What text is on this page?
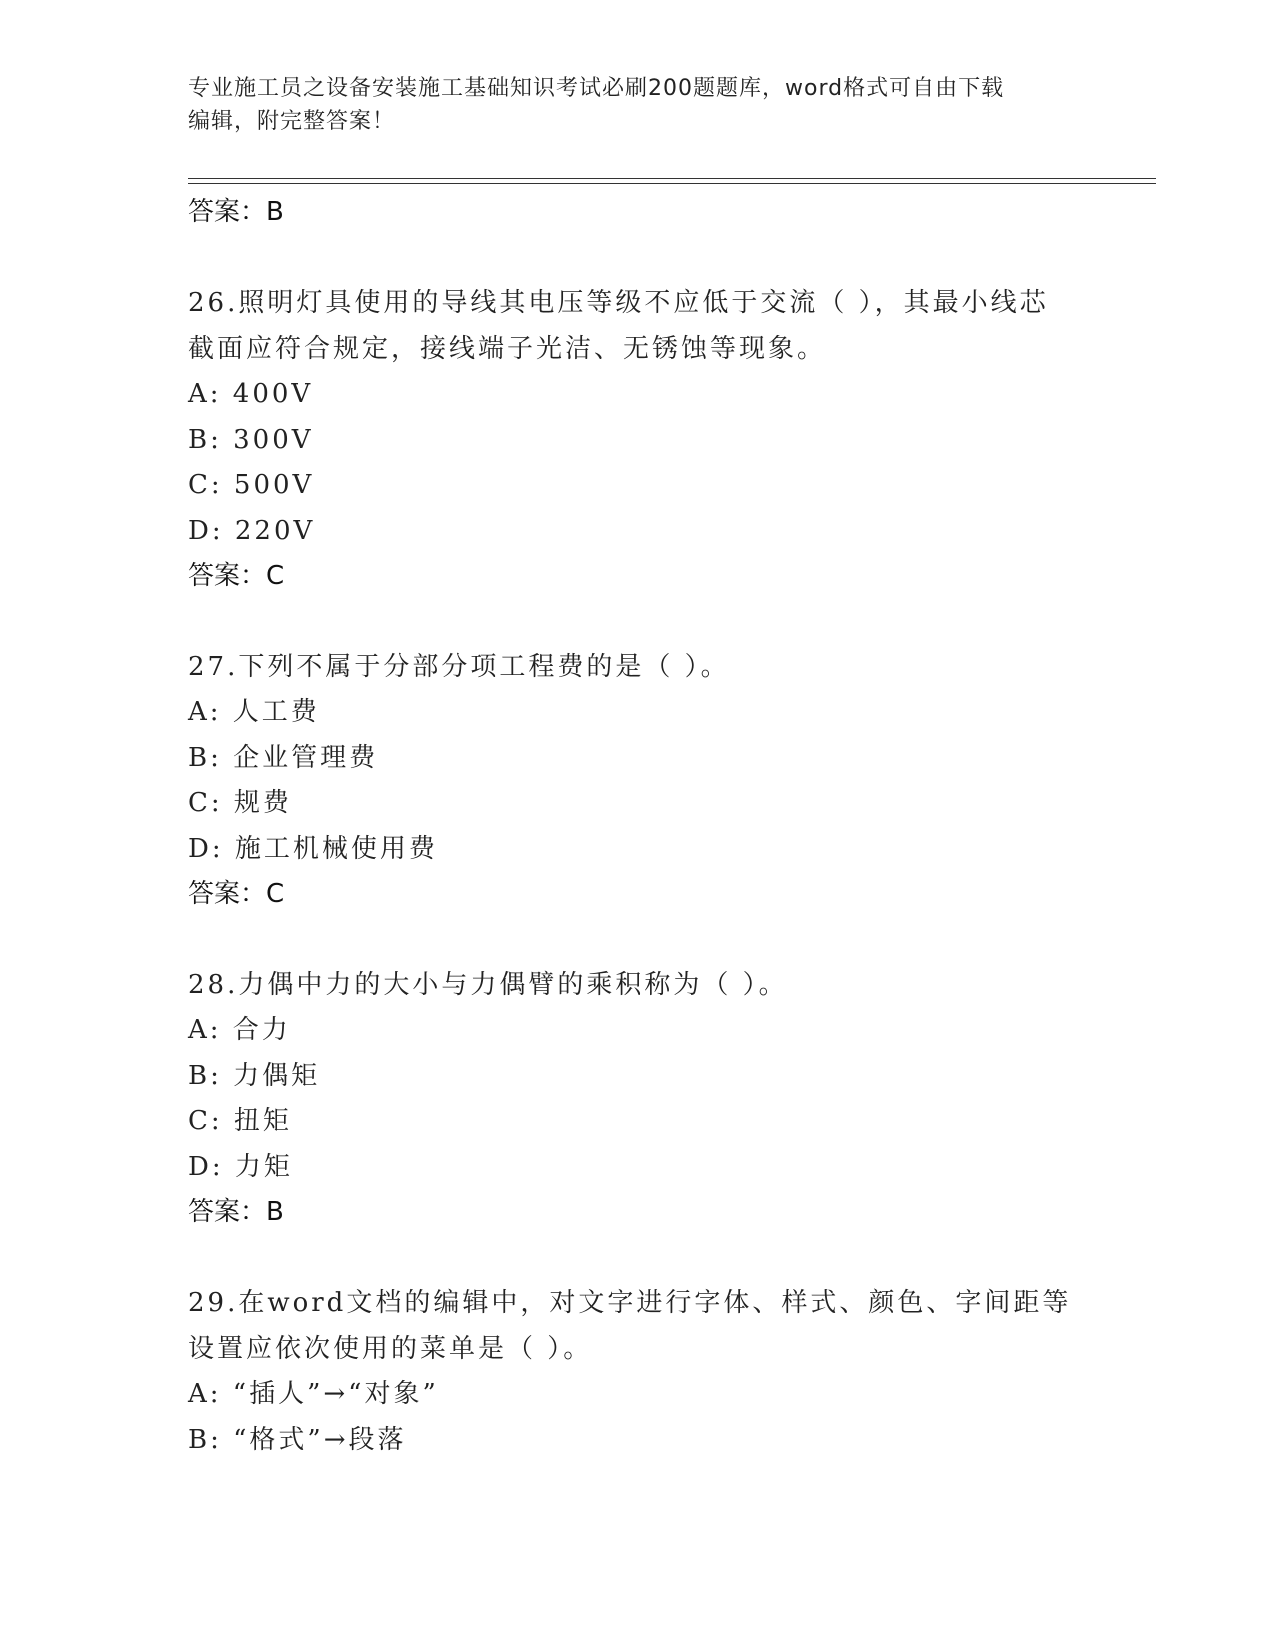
专业施工员之设备安装施工基础知识考试必刷200题题库，word格式可自由下载
编辑，附完整答案！
答案：B
26.照明灯具使用的导线其电压等级不应低于交流（ ），其最小线芯
截面应符合规定，接线端子光洁、无锈蚀等现象。
A: 400V
B: 300V
C: 500V
D: 220V
答案：C
27.下列不属于分部分项工程费的是（ ）。
A: 人工费
B: 企业管理费
C: 规费
D: 施工机械使用费
答案：C
28.力偶中力的大小与力偶臂的乘积称为（ ）。
A: 合力
B: 力偶矩
C: 扭矩
D: 力矩
答案：B
29.在word文档的编辑中，对文字进行字体、样式、颜色、字间距等
设置应依次使用的菜单是（ ）。
A: “插人”→“对象”
B: “格式”→段落
